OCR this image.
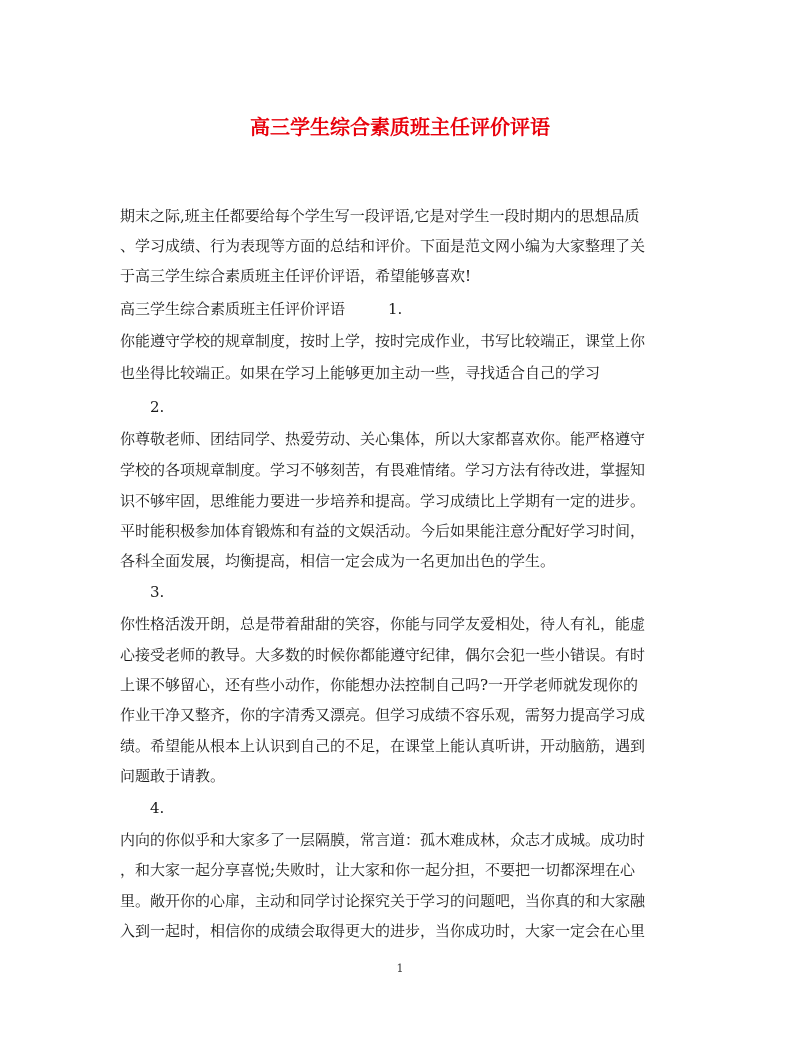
高三学生综合素质班主任评价评语
期末之际,班主任都要给每个学生写一段评语,它是对学生一段时期内的思想品质
、学习成绩、行为表现等方面的总结和评价。下面是范文网小编为大家整理了关
于高三学生综合素质班主任评价评语，希望能够喜欢!
高三学生综合素质班主任评价评语	1.
你能遵守学校的规章制度，按时上学，按时完成作业，书写比较端正，课堂上你
也坐得比较端正。如果在学习上能够更加主动一些，寻找适合自己的学习
2.
你尊敬老师、团结同学、热爱劳动、关心集体，所以大家都喜欢你。能严格遵守
学校的各项规章制度。学习不够刻苦，有畏难情绪。学习方法有待改进，掌握知
识不够牢固，思维能力要进一步培养和提高。学习成绩比上学期有一定的进步。
平时能积极参加体育锻炼和有益的文娱活动。今后如果能注意分配好学习时间，
各科全面发展，均衡提高，相信一定会成为一名更加出色的学生。
3.
你性格活泼开朗，总是带着甜甜的笑容，你能与同学友爱相处，待人有礼，能虚
心接受老师的教导。大多数的时候你都能遵守纪律，偶尔会犯一些小错误。有时
上课不够留心，还有些小动作，你能想办法控制自己吗?一开学老师就发现你的
作业干净又整齐，你的字清秀又漂亮。但学习成绩不容乐观，需努力提高学习成
绩。希望能从根本上认识到自己的不足，在课堂上能认真听讲，开动脑筋，遇到
问题敢于请教。
4.
内向的你似乎和大家多了一层隔膜，常言道：孤木难成林，众志才成城。成功时
，和大家一起分享喜悦;失败时，让大家和你一起分担，不要把一切都深埋在心
里。敞开你的心扉，主动和同学讨论探究关于学习的问题吧，当你真的和大家融
入到一起时，相信你的成绩会取得更大的进步，当你成功时，大家一定会在心里
1
